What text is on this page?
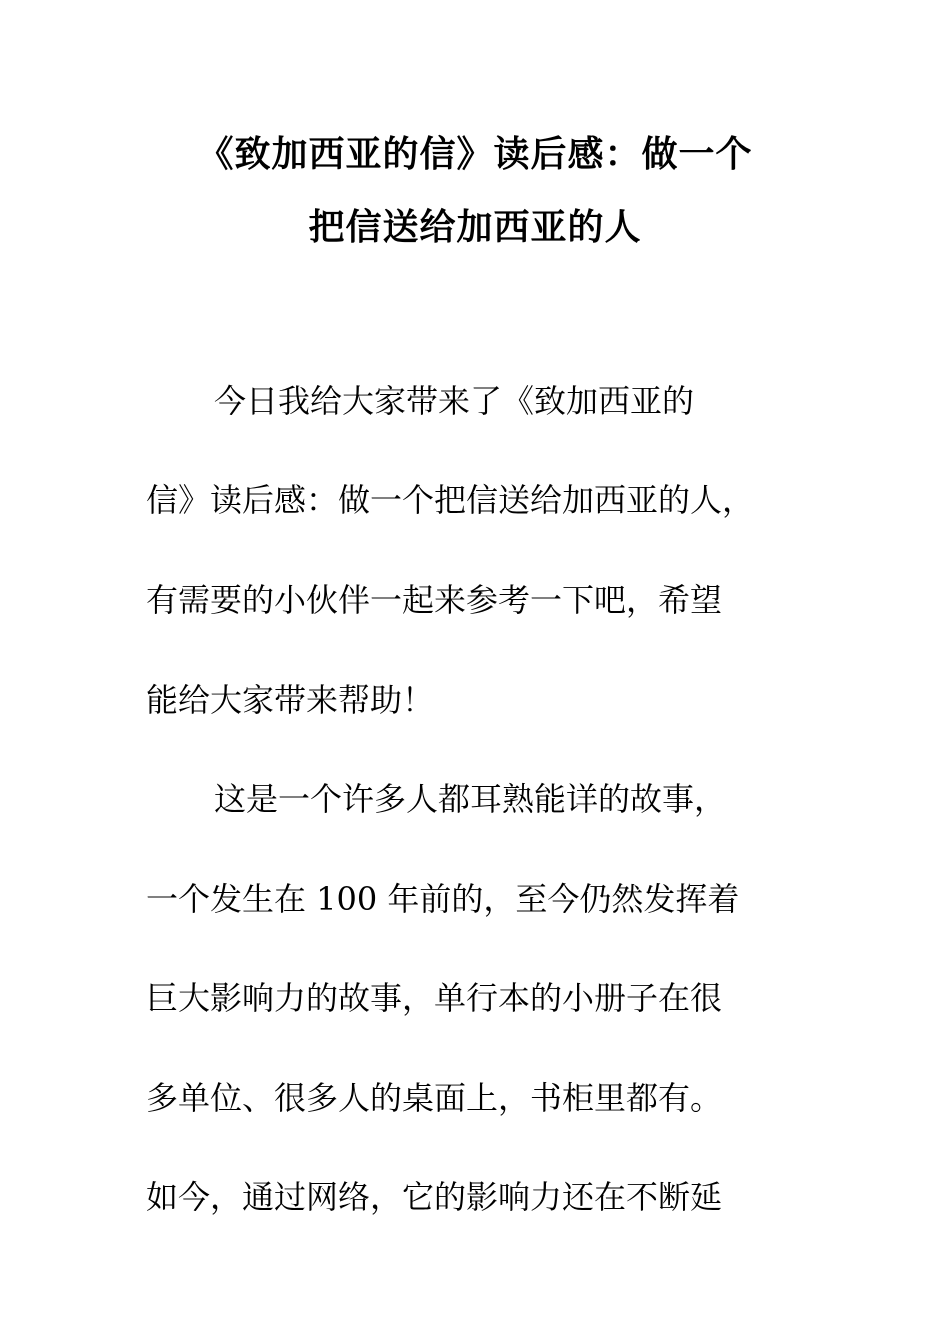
《致加西亚的信》读后感：做一个
把信送给加西亚的人
今日我给大家带来了《致加西亚的
信》读后感：做一个把信送给加西亚的人，
有需要的小伙伴一起来参考一下吧，希望
能给大家带来帮助！
这是一个许多人都耳熟能详的故事，
一个发生在 100 年前的，至今仍然发挥着
巨大影响力的故事，单行本的小册子在很
多单位、很多人的桌面上，书柜里都有。
如今，通过网络，它的影响力还在不断延
